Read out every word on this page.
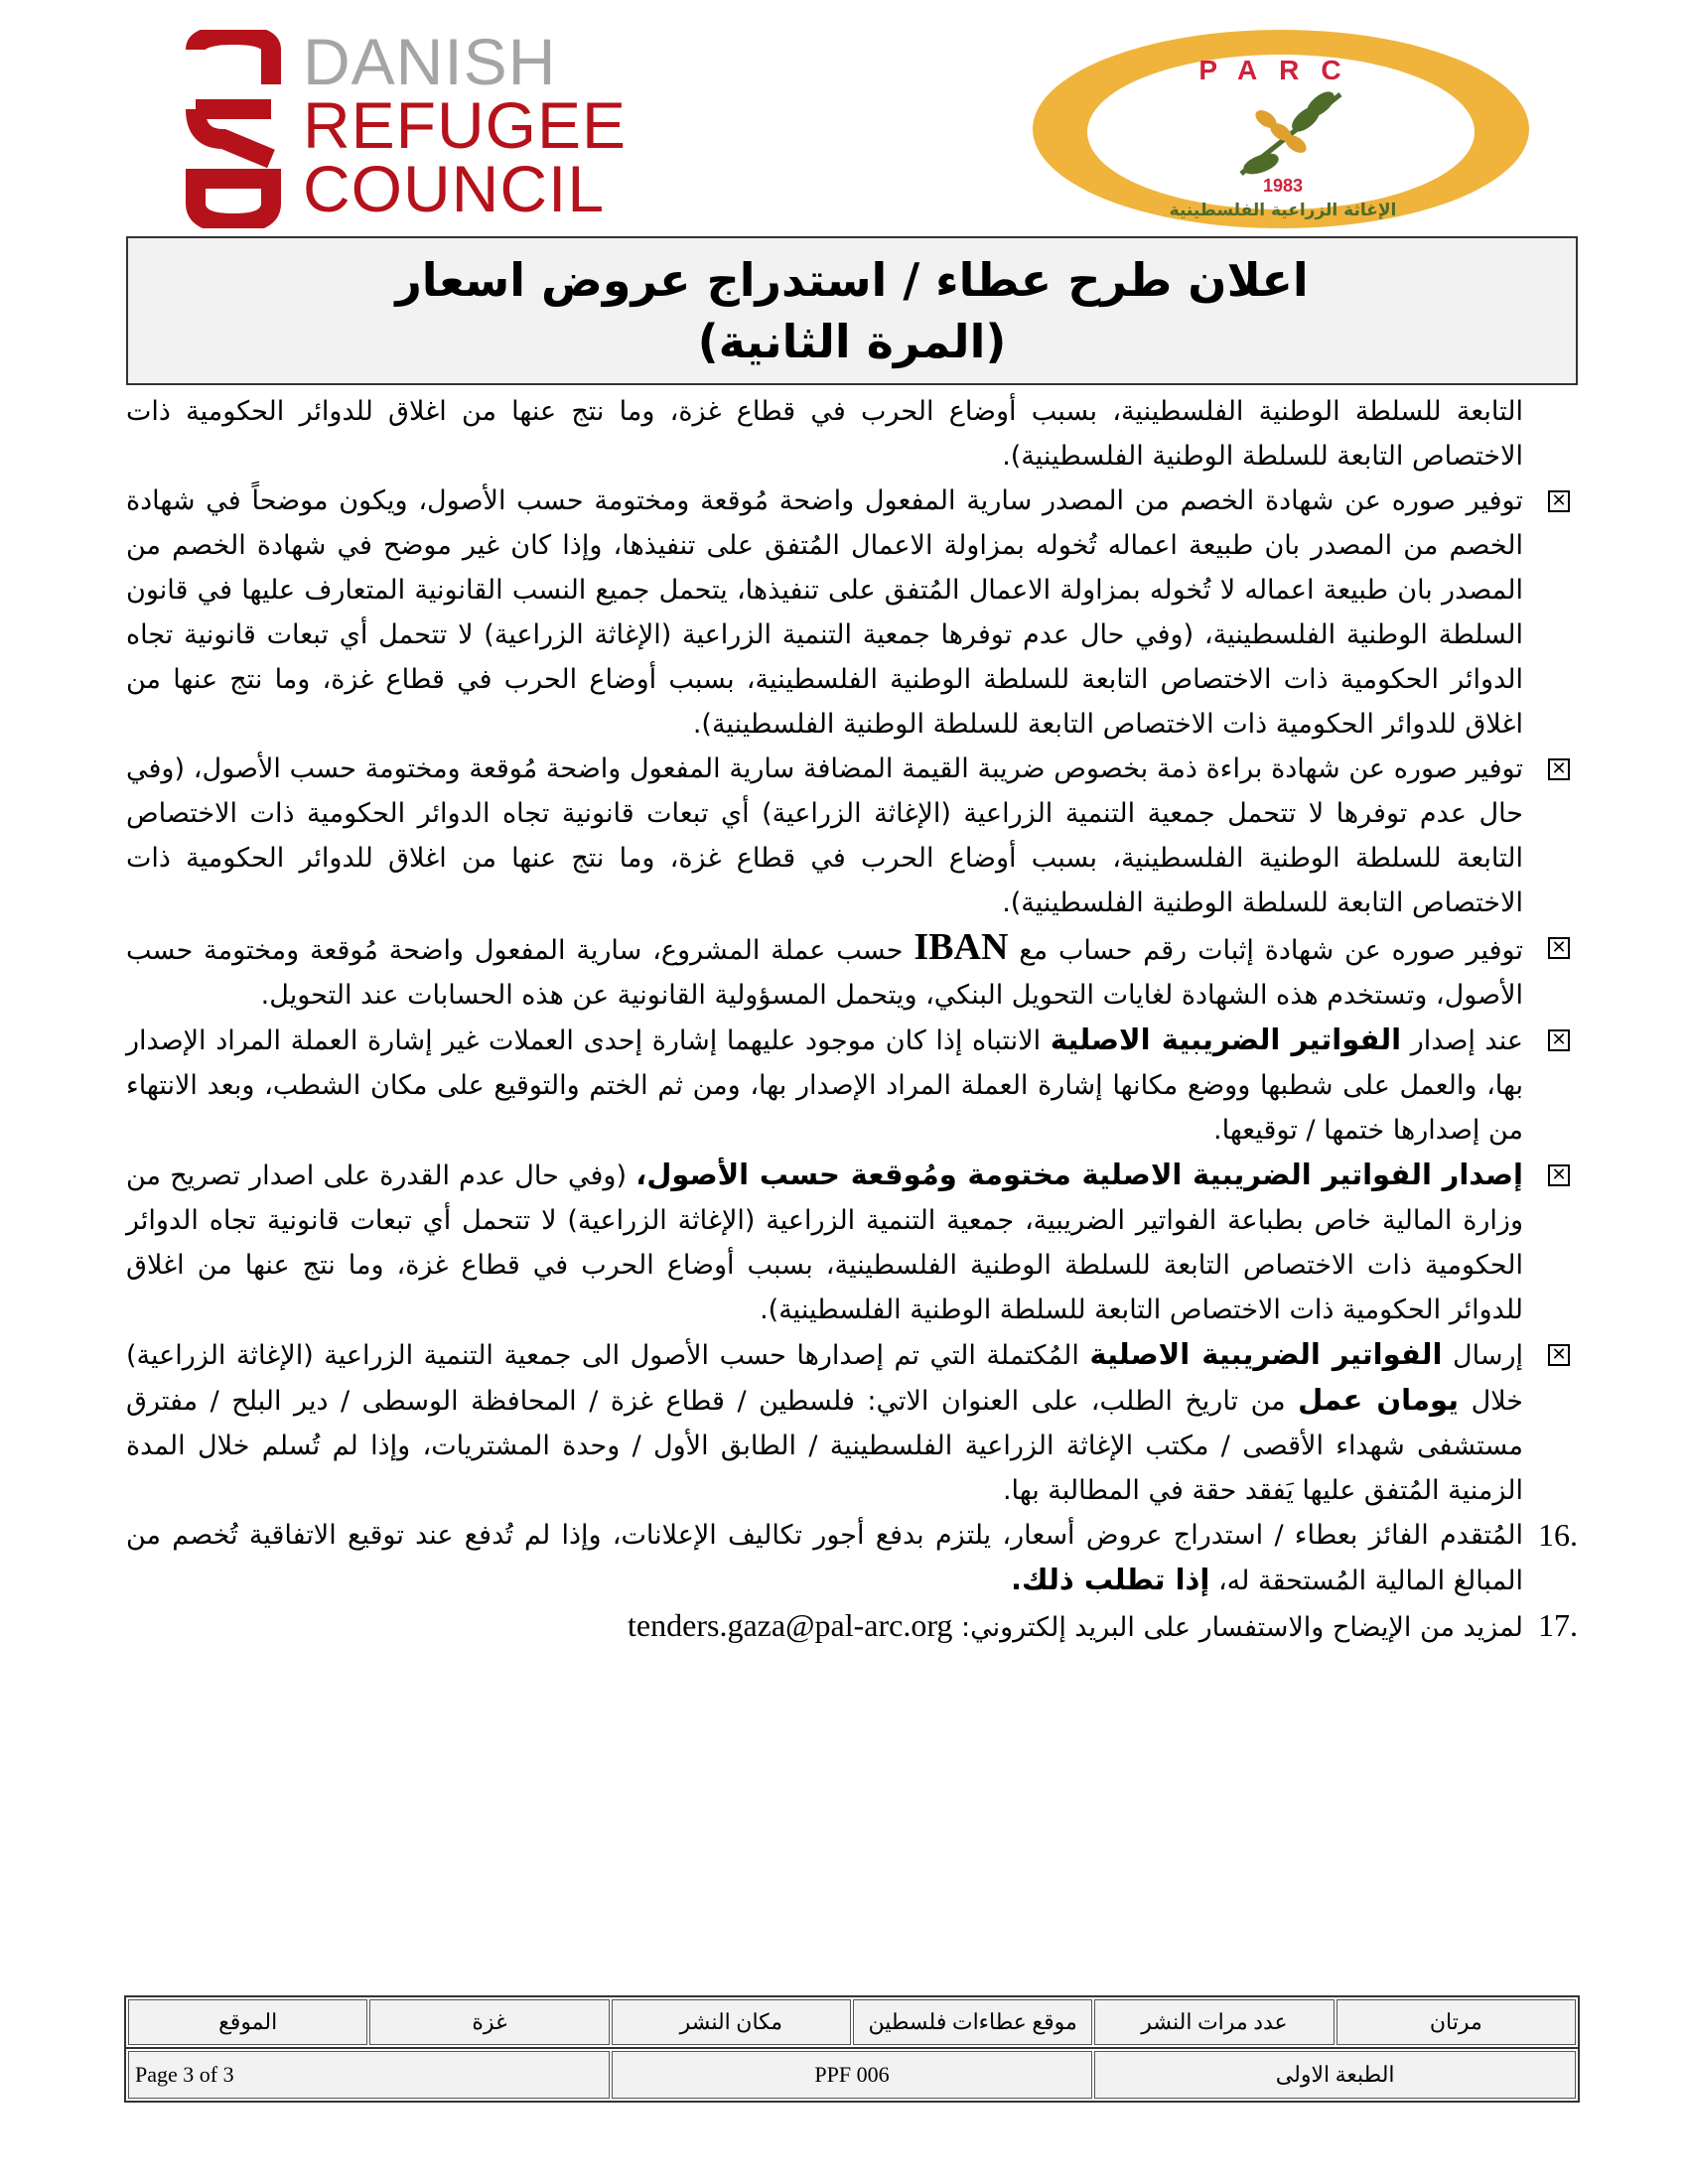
DANISH
REFUGEE
COUNCIL
PARC
1983
الإغاثة الزراعية الفلسطينية
اعلان طرح عطاء / استدراج عروض اسعار
(المرة الثانية)
التابعة للسلطة الوطنية الفلسطينية، بسبب أوضاع الحرب في قطاع غزة، وما نتج عنها من اغلاق للدوائر الحكومية ذات الاختصاص التابعة للسلطة الوطنية الفلسطينية).
✕
توفير صوره عن شهادة الخصم من المصدر سارية المفعول واضحة مُوقعة ومختومة حسب الأصول، ويكون موضحاً في شهادة الخصم من المصدر بان طبيعة اعماله تُخوله بمزاولة الاعمال المُتفق على تنفيذها، وإذا كان غير موضح في شهادة الخصم من المصدر بان طبيعة اعماله لا تُخوله بمزاولة الاعمال المُتفق على تنفيذها، يتحمل جميع النسب القانونية المتعارف عليها في قانون السلطة الوطنية الفلسطينية، (وفي حال عدم توفرها جمعية التنمية الزراعية (الإغاثة الزراعية) لا تتحمل أي تبعات قانونية تجاه الدوائر الحكومية ذات الاختصاص التابعة للسلطة الوطنية الفلسطينية، بسبب أوضاع الحرب في قطاع غزة، وما نتج عنها من اغلاق للدوائر الحكومية ذات الاختصاص التابعة للسلطة الوطنية الفلسطينية).
✕
توفير صوره عن شهادة براءة ذمة بخصوص ضريبة القيمة المضافة سارية المفعول واضحة مُوقعة ومختومة حسب الأصول، (وفي حال عدم توفرها لا تتحمل جمعية التنمية الزراعية (الإغاثة الزراعية) أي تبعات قانونية تجاه الدوائر الحكومية ذات الاختصاص التابعة للسلطة الوطنية الفلسطينية، بسبب أوضاع الحرب في قطاع غزة، وما نتج عنها من اغلاق للدوائر الحكومية ذات الاختصاص التابعة للسلطة الوطنية الفلسطينية).
✕
توفير صوره عن شهادة إثبات رقم حساب مع IBAN حسب عملة المشروع، سارية المفعول واضحة مُوقعة ومختومة حسب الأصول، وتستخدم هذه الشهادة لغايات التحويل البنكي، ويتحمل المسؤولية القانونية عن هذه الحسابات عند التحويل.
✕
عند إصدار الفواتير الضريبية الاصلية الانتباه إذا كان موجود عليهما إشارة إحدى العملات غير إشارة العملة المراد الإصدار بها، والعمل على شطبها ووضع مكانها إشارة العملة المراد الإصدار بها، ومن ثم الختم والتوقيع على مكان الشطب، وبعد الانتهاء من إصدارها ختمها / توقيعها.
✕
إصدار الفواتير الضريبية الاصلية مختومة ومُوقعة حسب الأصول، (وفي حال عدم القدرة على اصدار تصريح من وزارة المالية خاص بطباعة الفواتير الضريبية، جمعية التنمية الزراعية (الإغاثة الزراعية) لا تتحمل أي تبعات قانونية تجاه الدوائر الحكومية ذات الاختصاص التابعة للسلطة الوطنية الفلسطينية، بسبب أوضاع الحرب في قطاع غزة، وما نتج عنها من اغلاق للدوائر الحكومية ذات الاختصاص التابعة للسلطة الوطنية الفلسطينية).
✕
إرسال الفواتير الضريبية الاصلية المُكتملة التي تم إصدارها حسب الأصول الى جمعية التنمية الزراعية (الإغاثة الزراعية) خلال يومان عمل من تاريخ الطلب، على العنوان الاتي: فلسطين / قطاع غزة / المحافظة الوسطى / دير البلح / مفترق مستشفى شهداء الأقصى / مكتب الإغاثة الزراعية الفلسطينية / الطابق الأول / وحدة المشتريات، وإذا لم تُسلم خلال المدة الزمنية المُتفق عليها يَفقد حقة في المطالبة بها.
16.
المُتقدم الفائز بعطاء / استدراج عروض أسعار، يلتزم بدفع أجور تكاليف الإعلانات، وإذا لم تُدفع عند توقيع الاتفاقية تُخصم من المبالغ المالية المُستحقة له، إذا تطلب ذلك.
17.
لمزيد من الإيضاح والاستفسار على البريد إلكتروني: tenders.gaza@pal-arc.org
الموقع	غزة	مكان النشر	موقع عطاءات فلسطين	عدد مرات النشر	مرتان
Page 3 of 3	PPF 006	الطبعة الاولى
